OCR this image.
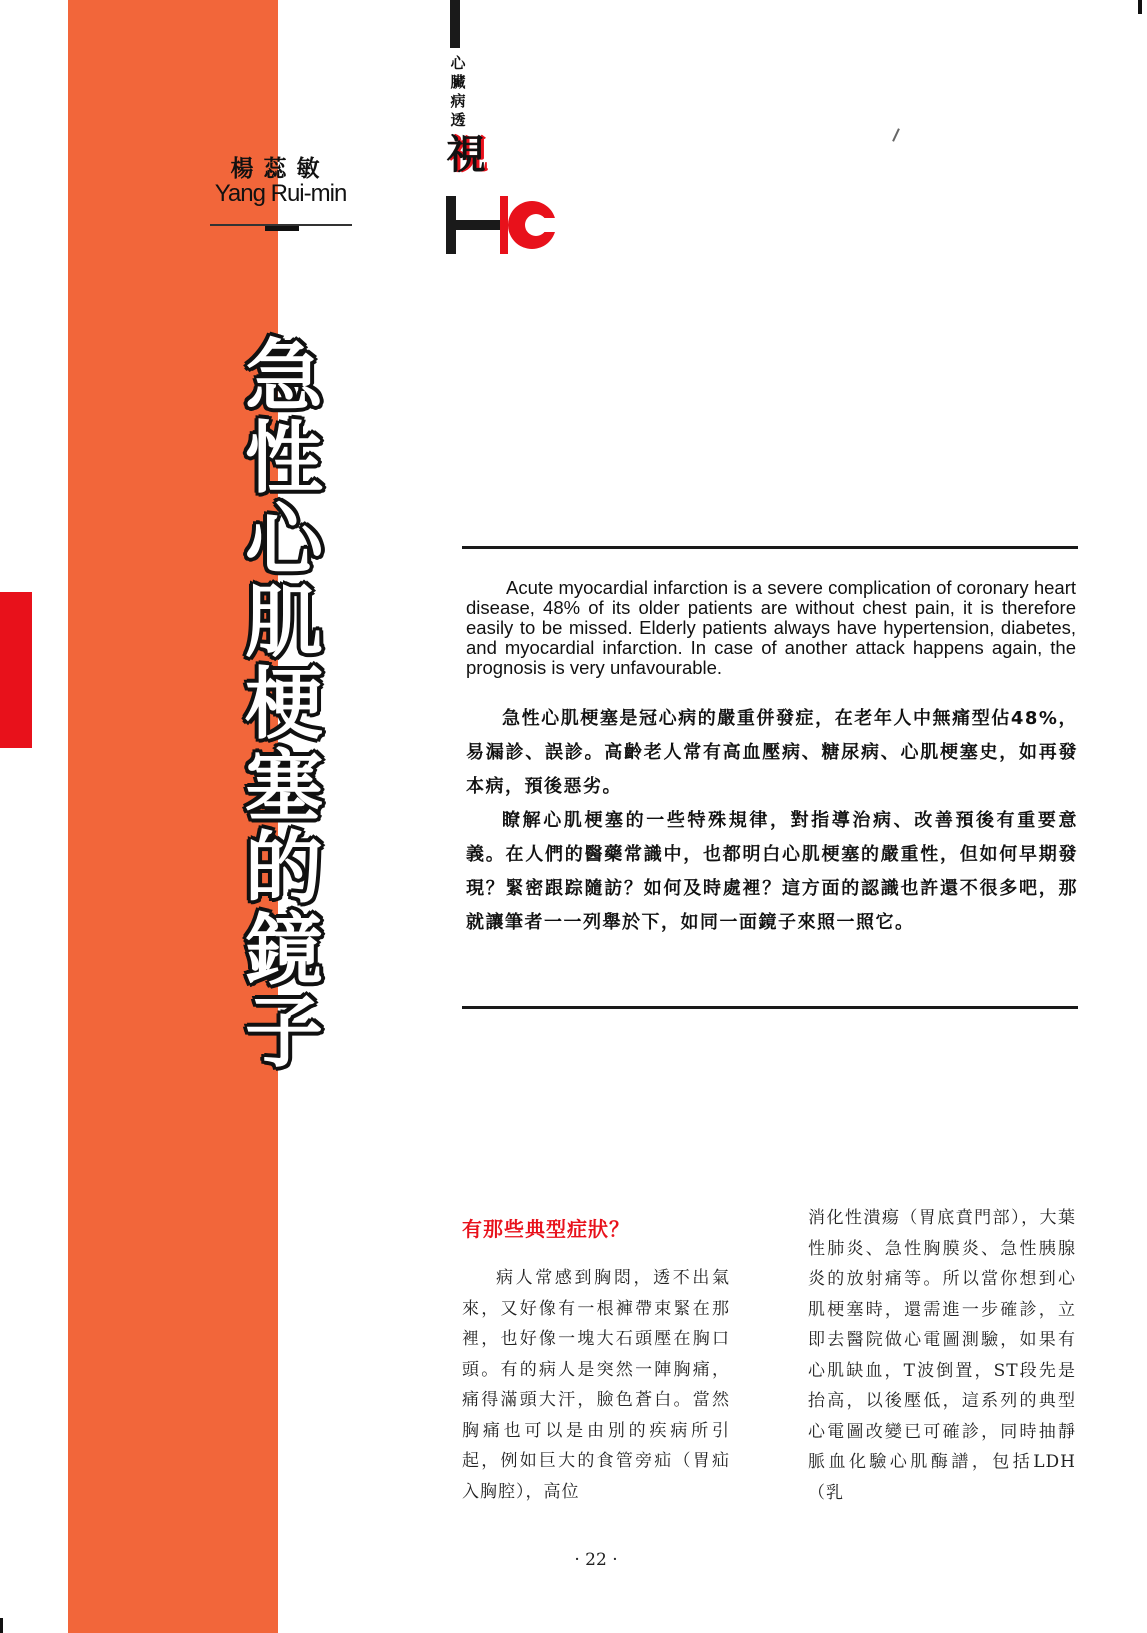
楊蕊敏
Yang Rui-min
心
臟
病
透
視
急
性
心
肌
梗
塞
的
鏡
子
Acute myocardial infarction is a severe complication of coronary heart disease, 48% of its older patients are without chest pain, it is therefore easily to be missed. Elderly patients always have hypertension, diabetes, and myocardial infarction. In case of another attack happens again, the prognosis is very unfavourable.

急性心肌梗塞是冠心病的嚴重併發症，在老年人中無痛型佔48%，易漏診、誤診。高齡老人常有高血壓病、糖尿病、心肌梗塞史，如再發本病，預後惡劣。

瞭解心肌梗塞的一些特殊規律，對指導治病、改善預後有重要意義。在人們的醫藥常識中，也都明白心肌梗塞的嚴重性，但如何早期發現？緊密跟踪隨訪？如何及時處裡？這方面的認識也許還不很多吧，那就讓筆者一一列舉於下，如同一面鏡子來照一照它。

有那些典型症狀？

病人常感到胸悶，透不出氣來，又好像有一根褲帶束緊在那裡，也好像一塊大石頭壓在胸口頭。有的病人是突然一陣胸痛，痛得滿頭大汗，臉色蒼白。當然胸痛也可以是由別的疾病所引起，例如巨大的食管旁疝（胃疝入胸腔），高位

消化性潰瘍（胃底賁門部），大葉性肺炎、急性胸膜炎、急性胰腺炎的放射痛等。所以當你想到心肌梗塞時，還需進一步確診，立即去醫院做心電圖測驗，如果有心肌缺血，T波倒置，ST段先是抬高，以後壓低，這系列的典型心電圖改變已可確診，同時抽靜脈血化驗心肌酶譜，包括LDH（乳

· 22 ·
